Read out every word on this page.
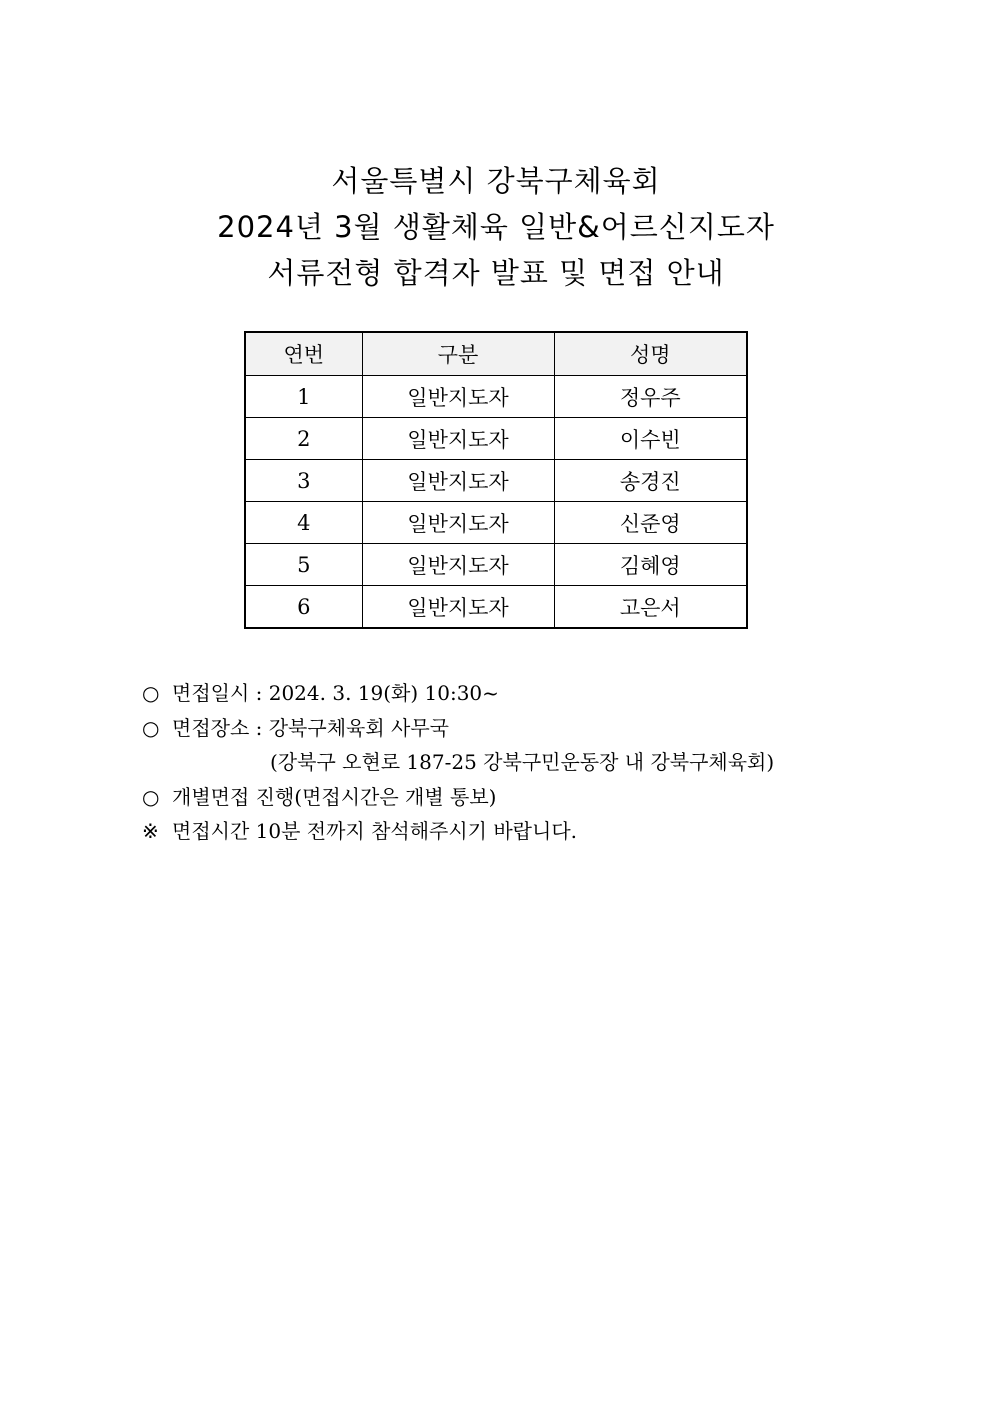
서울특별시 강북구체육회
2024년 3월 생활체육 일반&어르신지도자
서류전형 합격자 발표 및 면접 안내
연번	구분	성명
1	일반지도자	정우주
2	일반지도자	이수빈
3	일반지도자	송경진
4	일반지도자	신준영
5	일반지도자	김혜영
6	일반지도자	고은서
○ 면접일시 : 2024. 3. 19(화) 10:30~
○ 면접장소 : 강북구체육회 사무국
(강북구 오현로 187-25 강북구민운동장 내 강북구체육회)
○ 개별면접 진행(면접시간은 개별 통보)
※ 면접시간 10분 전까지 참석해주시기 바랍니다.
